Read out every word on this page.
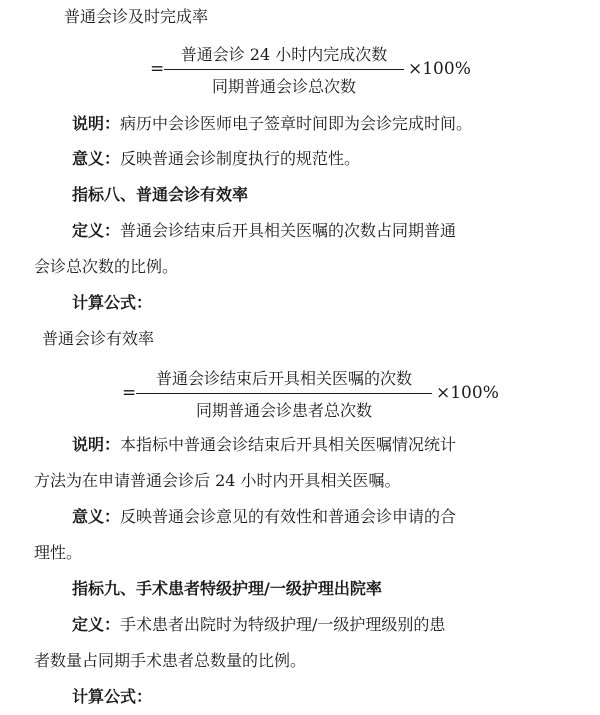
普通会诊及时完成率
=
普通会诊 24 小时内完成次数
同期普通会诊总次数
×100%
说明：病历中会诊医师电子签章时间即为会诊完成时间。
意义：反映普通会诊制度执行的规范性。
指标八、普通会诊有效率
定义：普通会诊结束后开具相关医嘱的次数占同期普通
会诊总次数的比例。
计算公式：
普通会诊有效率
=
普通会诊结束后开具相关医嘱的次数
同期普通会诊患者总次数
×100%
说明：本指标中普通会诊结束后开具相关医嘱情况统计
方法为在申请普通会诊后 24 小时内开具相关医嘱。
意义：反映普通会诊意见的有效性和普通会诊申请的合
理性。
指标九、手术患者特级护理/一级护理出院率
定义：手术患者出院时为特级护理/一级护理级别的患
者数量占同期手术患者总数量的比例。
计算公式：
